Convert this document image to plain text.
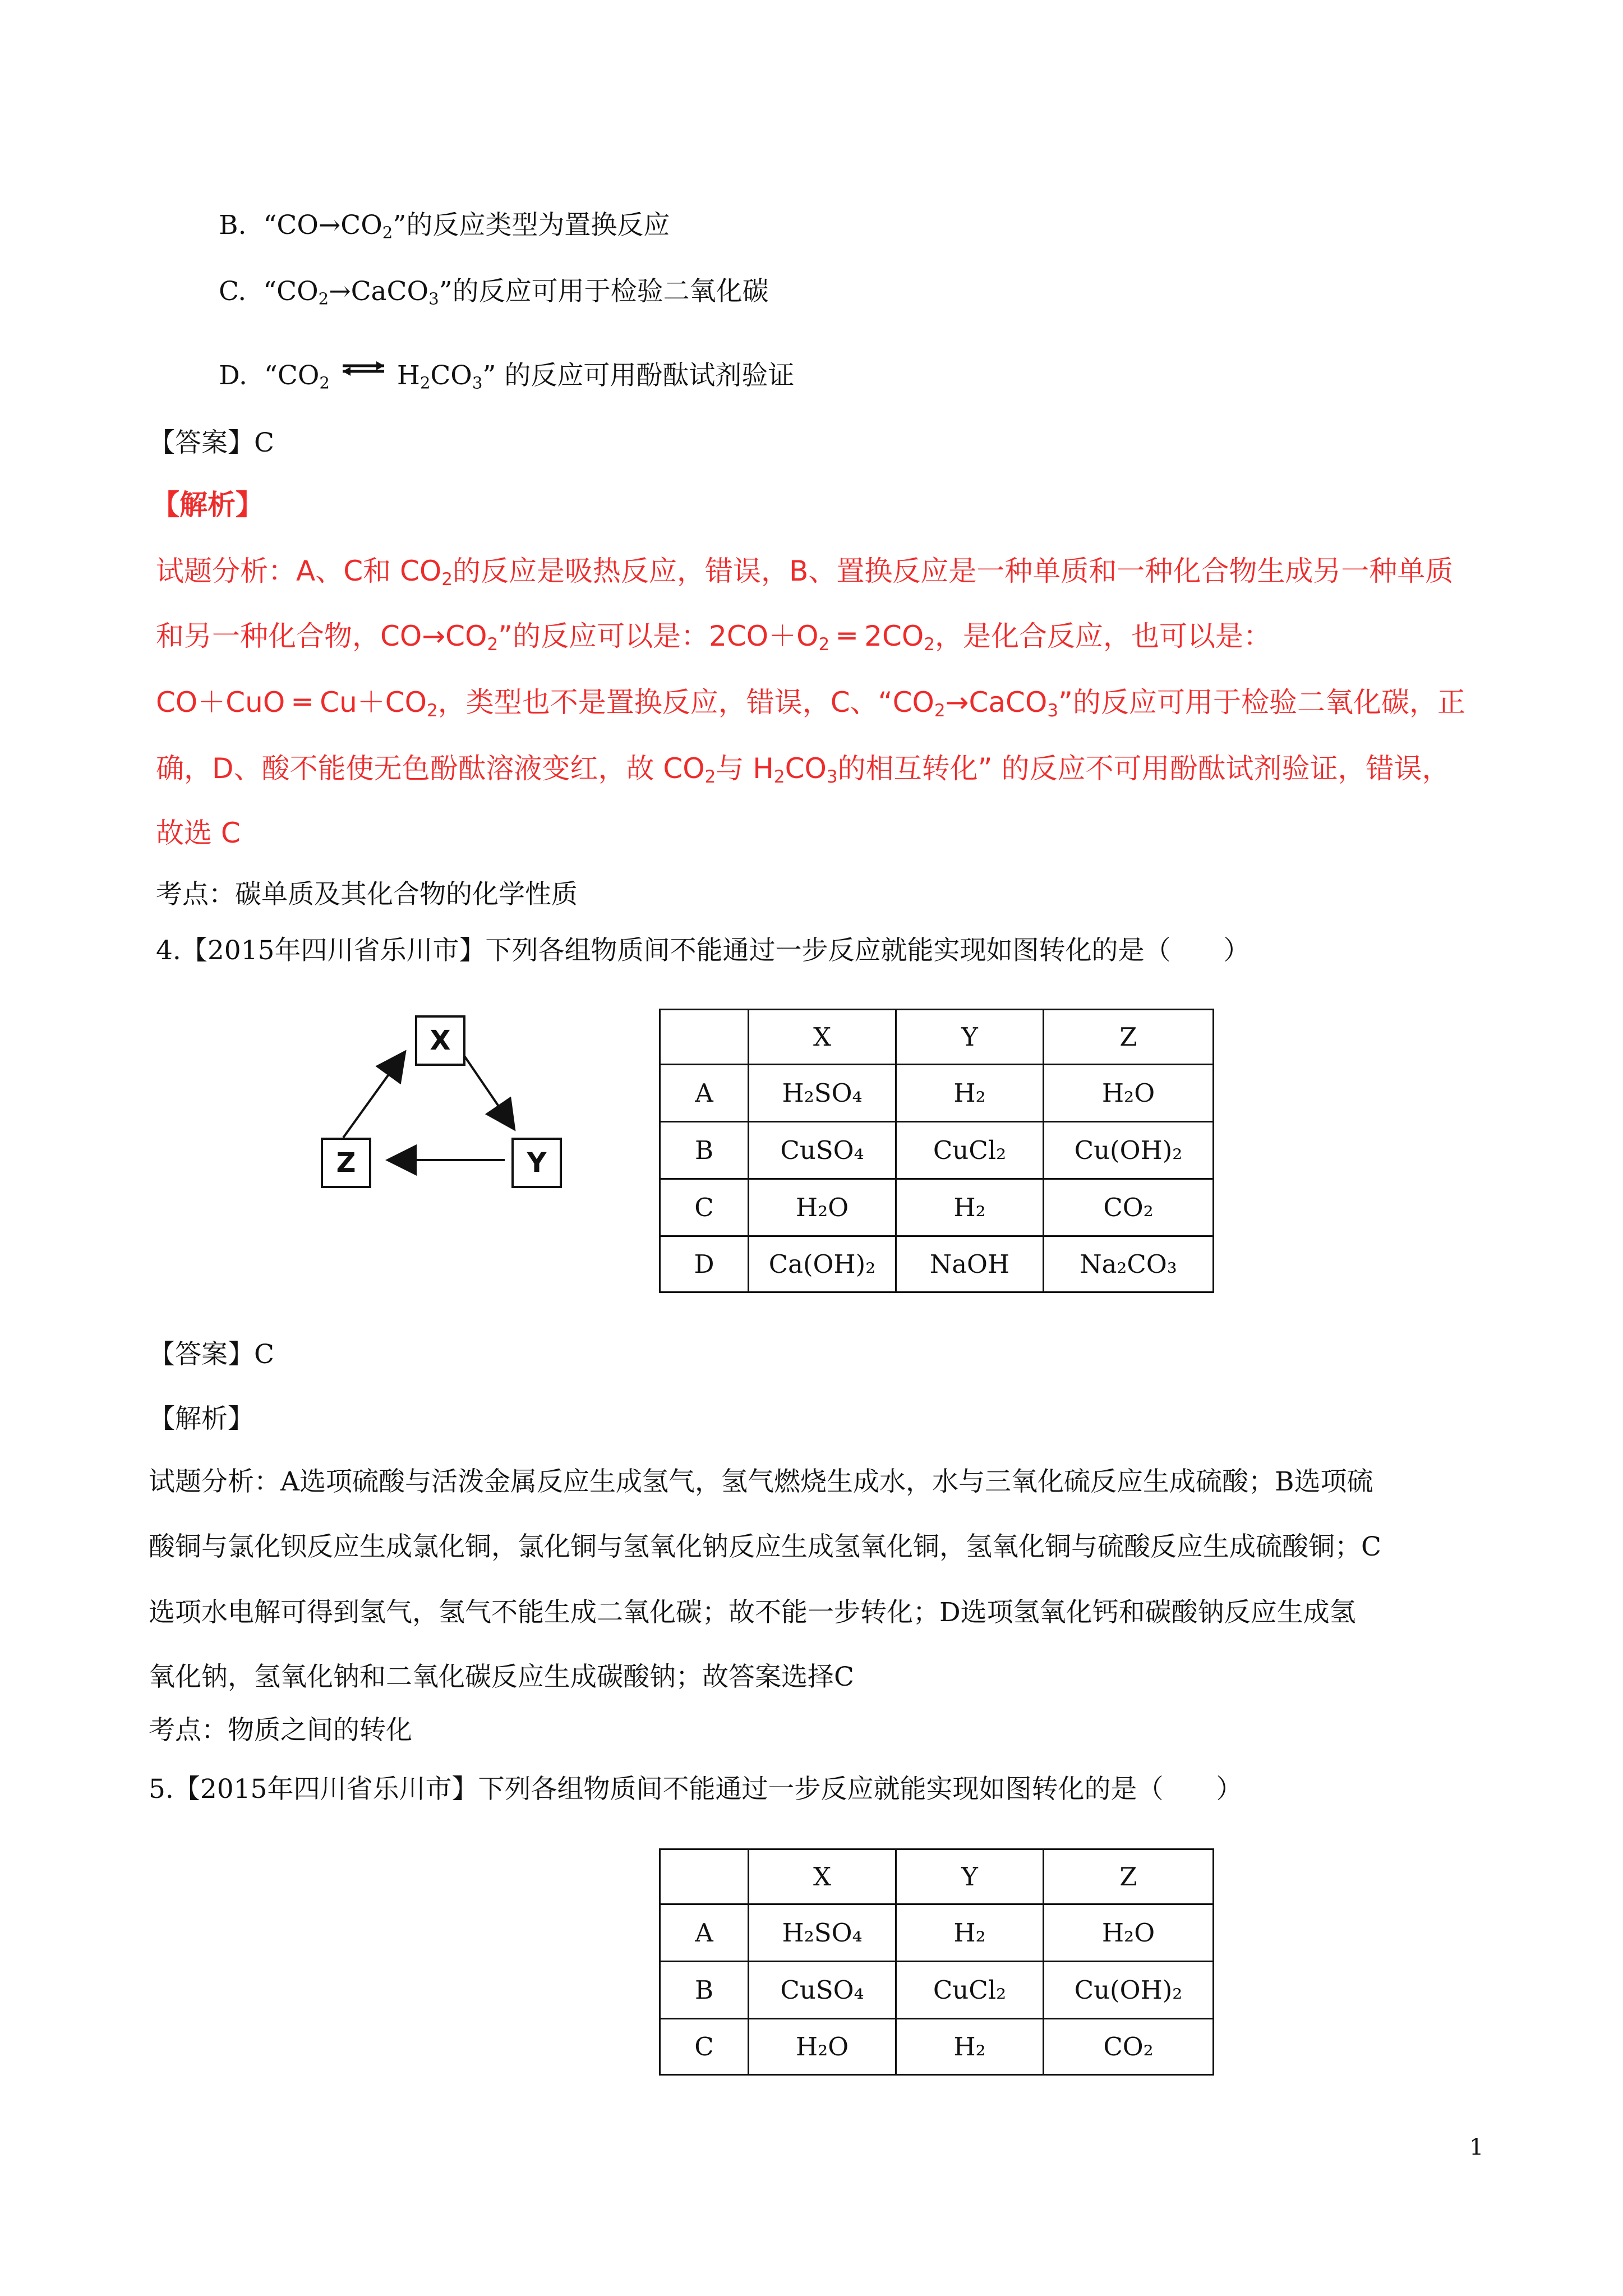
B. “$CO\to CO_2$”的反应类型为置换反应
C. “$CO_2\to CaCO_3$”的反应可用于检验二氧化碳
D. “$CO_2$ ⇌ $H_2CO_3$” 的反应可用酚酞试剂验证
【答案】C
【解析】
试题分析：A、C和 $CO_2$的反应是吸热反应，错误，B、置换反应是一种单质和一种化合物生成另一种单质
和另一种化合物，$CO\to CO_2$”的反应可以是：$2CO+O_2$ ═ $2CO_2$，是化合反应，也可以是：
CO＋CuO ═ $Cu+CO_2$，类型也不是置换反应，错误，C、“$CO_2\to CaCO_3$”的反应可用于检验二氧化碳，正
确，D、酸不能使无色酚酞溶液变红，故 $CO_2$与 $H_2CO_3$的相互转化” 的反应不可用酚酞试剂验证，错误，
故选 C
考点：碳单质及其化合物的化学性质
4.【2015年四川省乐川市】下列各组物质间不能通过一步反应就能实现如图转化的是（　　）
X
Z	Y
	X	Y	Z
A	H₂SO₄	H₂	H₂O
B	CuSO₄	CuCl₂	Cu(OH)₂
C	H₂O	H₂	CO₂
D	Ca(OH)₂	NaOH	Na₂CO₃
【答案】C
【解析】
试题分析：A选项硫酸与活泼金属反应生成氢气，氢气燃烧生成水，水与三氧化硫反应生成硫酸；B选项硫
酸铜与氯化钡反应生成氯化铜，氯化铜与氢氧化钠反应生成氢氧化铜，氢氧化铜与硫酸反应生成硫酸铜；C
选项水电解可得到氢气，氢气不能生成二氧化碳；故不能一步转化；D选项氢氧化钙和碳酸钠反应生成氢
氧化钠，氢氧化钠和二氧化碳反应生成碳酸钠；故答案选择C
考点：物质之间的转化
5.【2015年四川省乐川市】下列各组物质间不能通过一步反应就能实现如图转化的是（　　）
	X	Y	Z
A	H₂SO₄	H₂	H₂O
B	CuSO₄	CuCl₂	Cu(OH)₂
C	H₂O	H₂	CO₂
1
